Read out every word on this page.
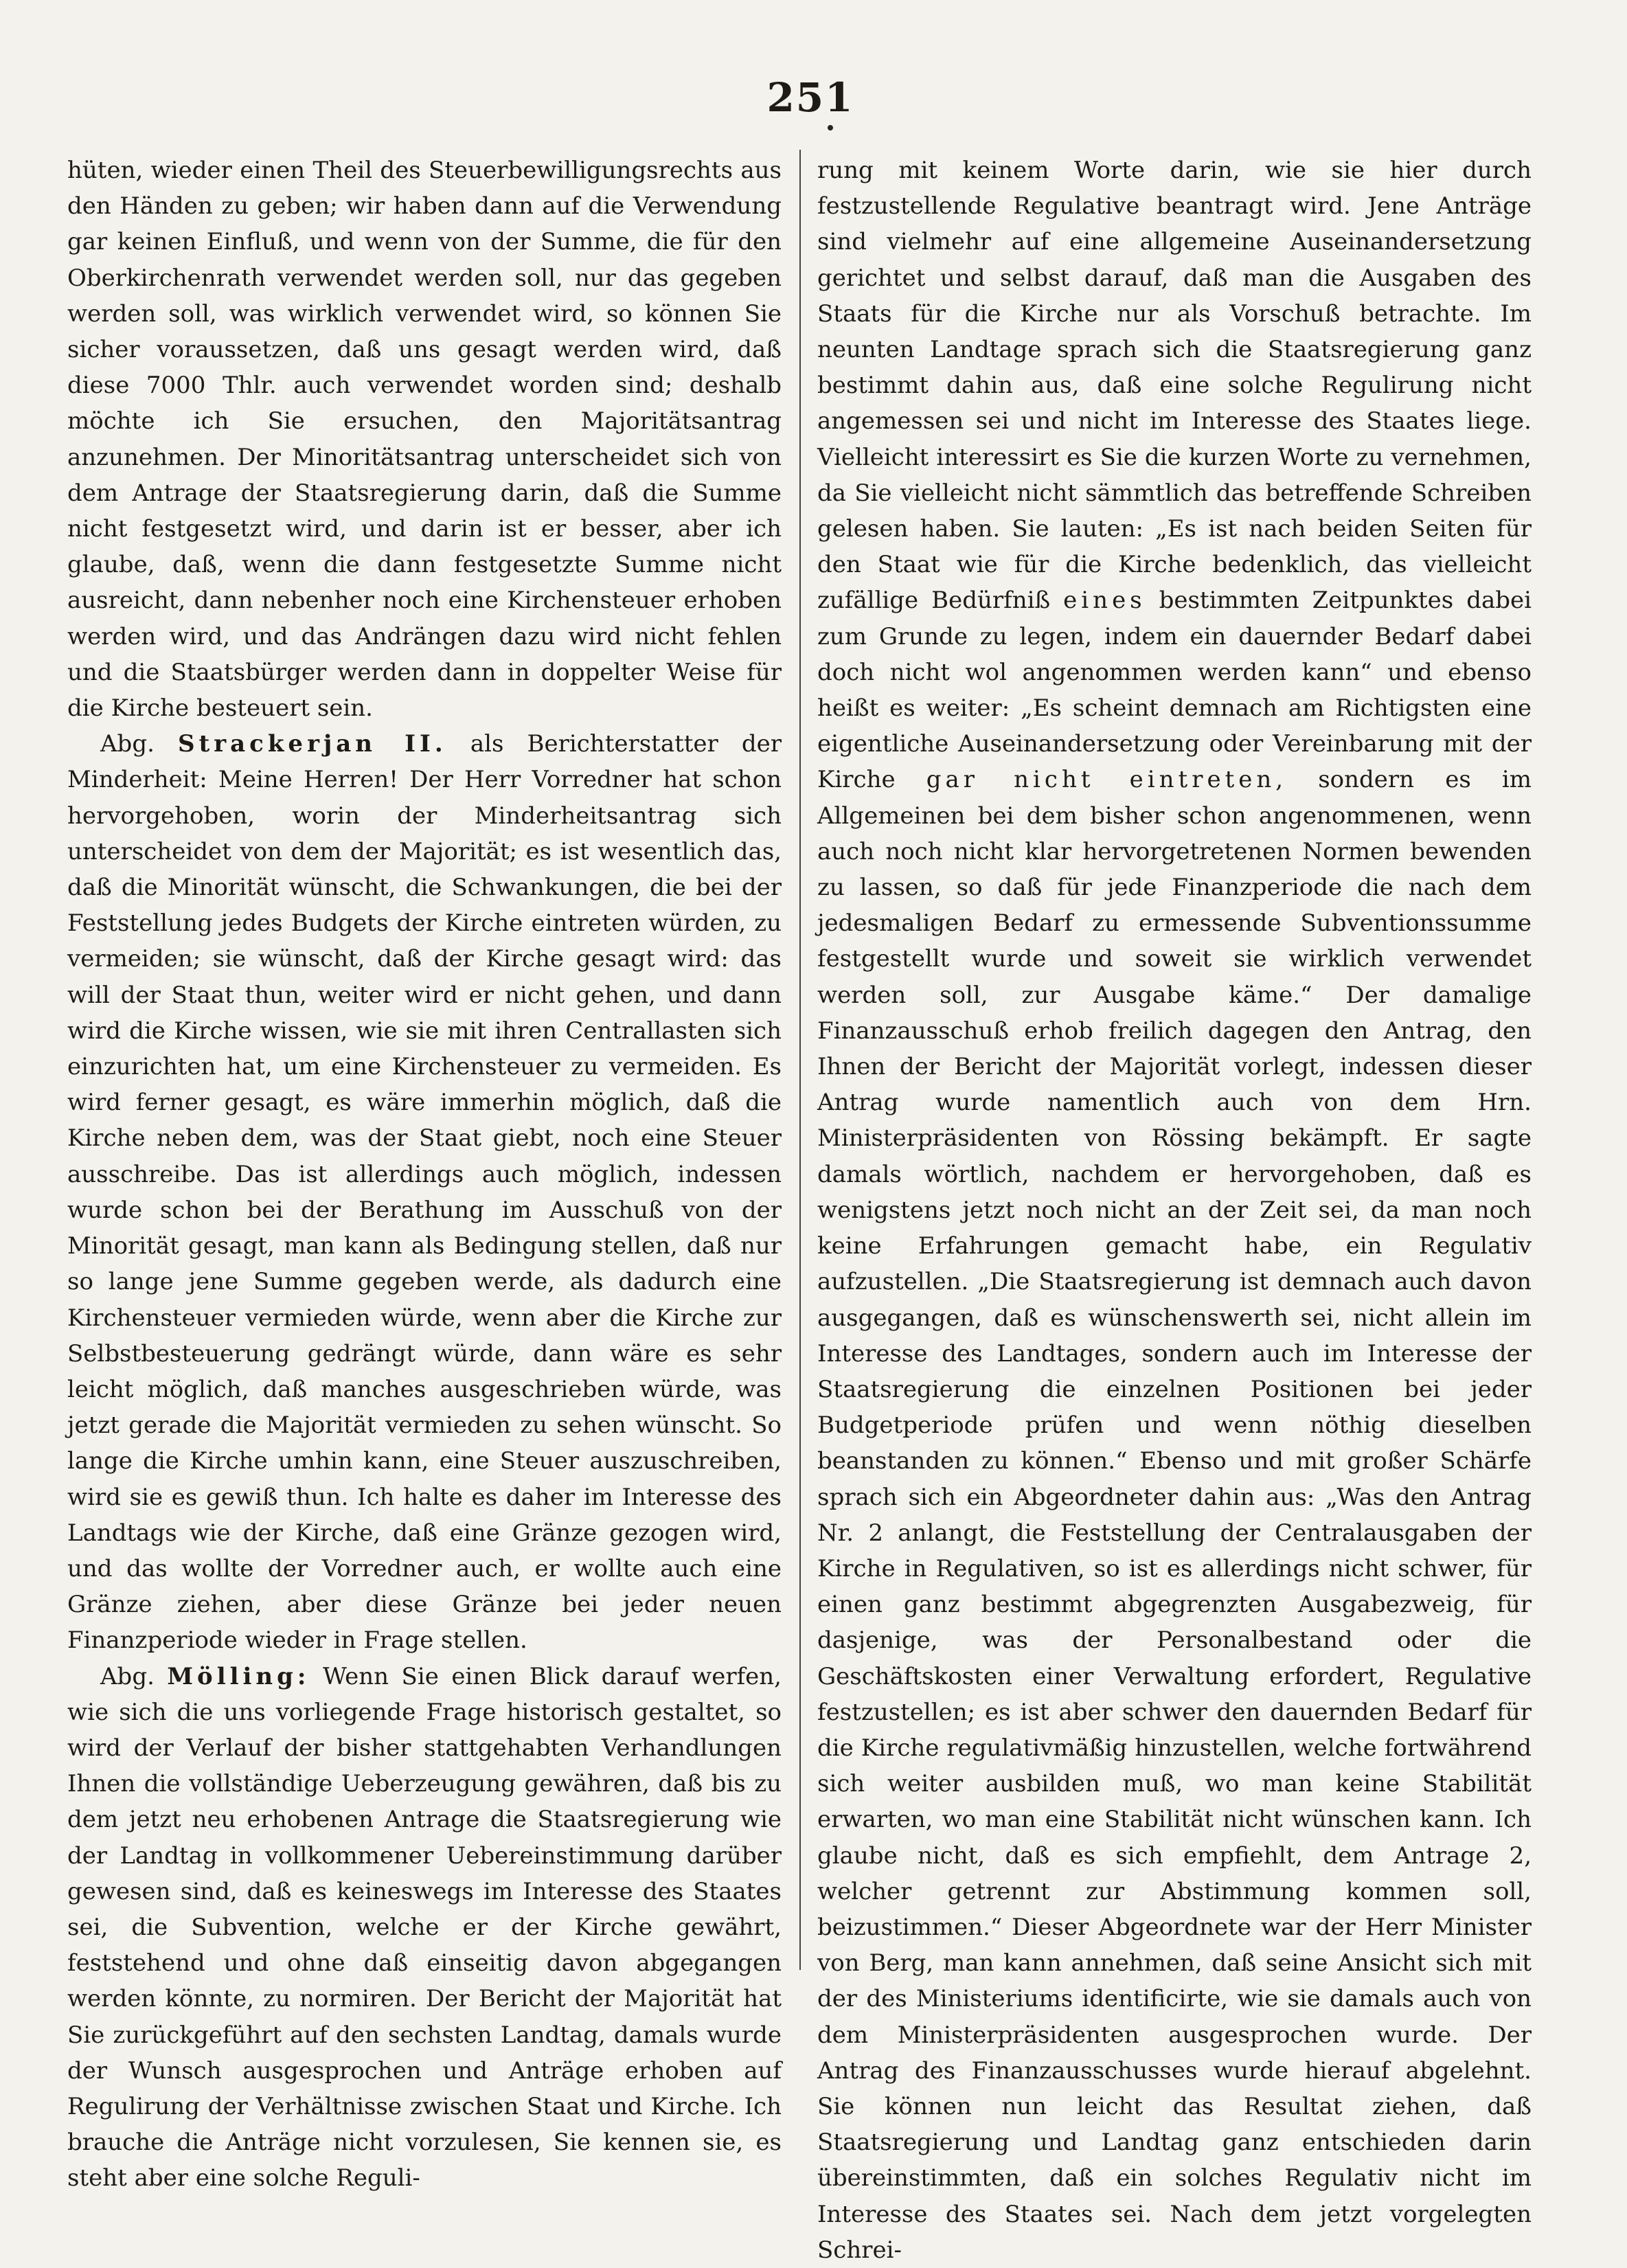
251

hüten, wieder einen Theil des Steuerbewilligungsrechts aus den Händen zu geben; wir haben dann auf die Verwendung gar keinen Einfluß, und wenn von der Summe, die für den Oberkirchenrath verwendet werden soll, nur das gegeben werden soll, was wirklich verwendet wird, so können Sie sicher voraussetzen, daß uns gesagt werden wird, daß diese 7000 Thlr. auch verwendet worden sind; deshalb möchte ich Sie ersuchen, den Majoritätsantrag anzunehmen. Der Minoritätsantrag unterscheidet sich von dem Antrage der Staatsregierung darin, daß die Summe nicht festgesetzt wird, und darin ist er besser, aber ich glaube, daß, wenn die dann festgesetzte Summe nicht ausreicht, dann nebenher noch eine Kirchensteuer erhoben werden wird, und das Andrängen dazu wird nicht fehlen und die Staatsbürger werden dann in doppelter Weise für die Kirche besteuert sein.

Abg. Strackerjan II. als Berichterstatter der Minderheit: Meine Herren! Der Herr Vorredner hat schon hervorgehoben, worin der Minderheitsantrag sich unterscheidet von dem der Majorität; es ist wesentlich das, daß die Minorität wünscht, die Schwankungen, die bei der Feststellung jedes Budgets der Kirche eintreten würden, zu vermeiden; sie wünscht, daß der Kirche gesagt wird: das will der Staat thun, weiter wird er nicht gehen, und dann wird die Kirche wissen, wie sie mit ihren Centrallasten sich einzurichten hat, um eine Kirchensteuer zu vermeiden. Es wird ferner gesagt, es wäre immerhin möglich, daß die Kirche neben dem, was der Staat giebt, noch eine Steuer ausschreibe. Das ist allerdings auch möglich, indessen wurde schon bei der Berathung im Ausschuß von der Minorität gesagt, man kann als Bedingung stellen, daß nur so lange jene Summe gegeben werde, als dadurch eine Kirchensteuer vermieden würde, wenn aber die Kirche zur Selbstbesteuerung gedrängt würde, dann wäre es sehr leicht möglich, daß manches ausgeschrieben würde, was jetzt gerade die Majorität vermieden zu sehen wünscht. So lange die Kirche umhin kann, eine Steuer auszuschreiben, wird sie es gewiß thun. Ich halte es daher im Interesse des Landtags wie der Kirche, daß eine Gränze gezogen wird, und das wollte der Vorredner auch, er wollte auch eine Gränze ziehen, aber diese Gränze bei jeder neuen Finanzperiode wieder in Frage stellen.

Abg. Mölling: Wenn Sie einen Blick darauf werfen, wie sich die uns vorliegende Frage historisch gestaltet, so wird der Verlauf der bisher stattgehabten Verhandlungen Ihnen die vollständige Ueberzeugung gewähren, daß bis zu dem jetzt neu erhobenen Antrage die Staatsregierung wie der Landtag in vollkommener Uebereinstimmung darüber gewesen sind, daß es keineswegs im Interesse des Staates sei, die Subvention, welche er der Kirche gewährt, feststehend und ohne daß einseitig davon abgegangen werden könnte, zu normiren. Der Bericht der Majorität hat Sie zurückgeführt auf den sechsten Landtag, damals wurde der Wunsch ausgesprochen und Anträge erhoben auf Regulirung der Verhältnisse zwischen Staat und Kirche. Ich brauche die Anträge nicht vorzulesen, Sie kennen sie, es steht aber eine solche Reguli-

rung mit keinem Worte darin, wie sie hier durch festzustellende Regulative beantragt wird. Jene Anträge sind vielmehr auf eine allgemeine Auseinandersetzung gerichtet und selbst darauf, daß man die Ausgaben des Staats für die Kirche nur als Vorschuß betrachte. Im neunten Landtage sprach sich die Staatsregierung ganz bestimmt dahin aus, daß eine solche Regulirung nicht angemessen sei und nicht im Interesse des Staates liege. Vielleicht interessirt es Sie die kurzen Worte zu vernehmen, da Sie vielleicht nicht sämmtlich das betreffende Schreiben gelesen haben. Sie lauten: „Es ist nach beiden Seiten für den Staat wie für die Kirche bedenklich, das vielleicht zufällige Bedürfniß eines bestimmten Zeitpunktes dabei zum Grunde zu legen, indem ein dauernder Bedarf dabei doch nicht wol angenommen werden kann“ und ebenso heißt es weiter: „Es scheint demnach am Richtigsten eine eigentliche Auseinandersetzung oder Vereinbarung mit der Kirche gar nicht eintreten, sondern es im Allgemeinen bei dem bisher schon angenommenen, wenn auch noch nicht klar hervorgetretenen Normen bewenden zu lassen, so daß für jede Finanzperiode die nach dem jedesmaligen Bedarf zu ermessende Subventionssumme festgestellt wurde und soweit sie wirklich verwendet werden soll, zur Ausgabe käme.“ Der damalige Finanzausschuß erhob freilich dagegen den Antrag, den Ihnen der Bericht der Majorität vorlegt, indessen dieser Antrag wurde namentlich auch von dem Hrn. Ministerpräsidenten von Rössing bekämpft. Er sagte damals wörtlich, nachdem er hervorgehoben, daß es wenigstens jetzt noch nicht an der Zeit sei, da man noch keine Erfahrungen gemacht habe, ein Regulativ aufzustellen. „Die Staatsregierung ist demnach auch davon ausgegangen, daß es wünschenswerth sei, nicht allein im Interesse des Landtages, sondern auch im Interesse der Staatsregierung die einzelnen Positionen bei jeder Budgetperiode prüfen und wenn nöthig dieselben beanstanden zu können.“ Ebenso und mit großer Schärfe sprach sich ein Abgeordneter dahin aus: „Was den Antrag Nr. 2 anlangt, die Feststellung der Centralausgaben der Kirche in Regulativen, so ist es allerdings nicht schwer, für einen ganz bestimmt abgegrenzten Ausgabezweig, für dasjenige, was der Personalbestand oder die Geschäftskosten einer Verwaltung erfordert, Regulative festzustellen; es ist aber schwer den dauernden Bedarf für die Kirche regulativmäßig hinzustellen, welche fortwährend sich weiter ausbilden muß, wo man keine Stabilität erwarten, wo man eine Stabilität nicht wünschen kann. Ich glaube nicht, daß es sich empfiehlt, dem Antrage 2, welcher getrennt zur Abstimmung kommen soll, beizustimmen.“ Dieser Abgeordnete war der Herr Minister von Berg, man kann annehmen, daß seine Ansicht sich mit der des Ministeriums identificirte, wie sie damals auch von dem Ministerpräsidenten ausgesprochen wurde. Der Antrag des Finanzausschusses wurde hierauf abgelehnt. Sie können nun leicht das Resultat ziehen, daß Staatsregierung und Landtag ganz entschieden darin übereinstimmten, daß ein solches Regulativ nicht im Interesse des Staates sei. Nach dem jetzt vorgelegten Schrei-
